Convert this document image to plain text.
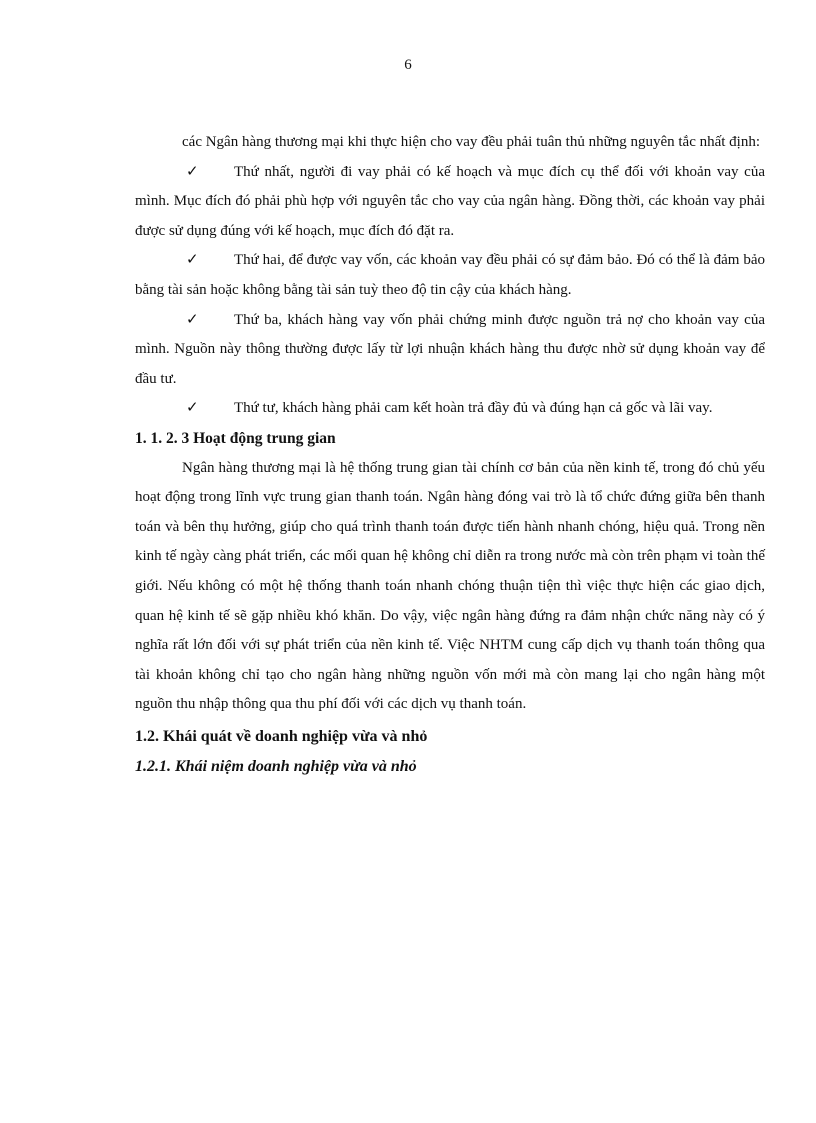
6

các Ngân hàng thương mại khi thực hiện cho vay đều phải tuân thủ những nguyên tắc nhất định:

✓ Thứ nhất, người đi vay phải có kế hoạch và mục đích cụ thể đối với khoản vay của mình. Mục đích đó phải phù hợp với nguyên tắc cho vay của ngân hàng. Đồng thời, các khoản vay phải được sử dụng đúng với kế hoạch, mục đích đó đặt ra.

✓ Thứ hai, để được vay vốn, các khoản vay đều phải có sự đảm bảo. Đó có thể là đảm bảo bằng tài sản hoặc không bằng tài sản tuỳ theo độ tin cậy của khách hàng.

✓ Thứ ba, khách hàng vay vốn phải chứng minh được nguồn trả nợ cho khoản vay của mình. Nguồn này thông thường được lấy từ lợi nhuận khách hàng thu được nhờ sử dụng khoản vay để đầu tư.

✓ Thứ tư, khách hàng phải cam kết hoàn trả đầy đủ và đúng hạn cả gốc và lãi vay.

1. 1. 2. 3 Hoạt động trung gian

Ngân hàng thương mại là hệ thống trung gian tài chính cơ bản của nền kinh tế, trong đó chủ yếu hoạt động trong lĩnh vực trung gian thanh toán. Ngân hàng đóng vai trò là tổ chức đứng giữa bên thanh toán và bên thụ hưởng, giúp cho quá trình thanh toán được tiến hành nhanh chóng, hiệu quả. Trong nền kinh tế ngày càng phát triển, các mối quan hệ không chỉ diễn ra trong nước mà còn trên phạm vi toàn thế giới. Nếu không có một hệ thống thanh toán nhanh chóng thuận tiện thì việc thực hiện các giao dịch, quan hệ kinh tế sẽ gặp nhiều khó khăn. Do vậy, việc ngân hàng đứng ra đảm nhận chức năng này có ý nghĩa rất lớn đối với sự phát triển của nền kinh tế. Việc NHTM cung cấp dịch vụ thanh toán thông qua tài khoản không chỉ tạo cho ngân hàng những nguồn vốn mới mà còn mang lại cho ngân hàng một nguồn thu nhập thông qua thu phí đối với các dịch vụ thanh toán.

1.2. Khái quát về doanh nghiệp vừa và nhỏ

1.2.1. Khái niệm doanh nghiệp vừa và nhỏ
